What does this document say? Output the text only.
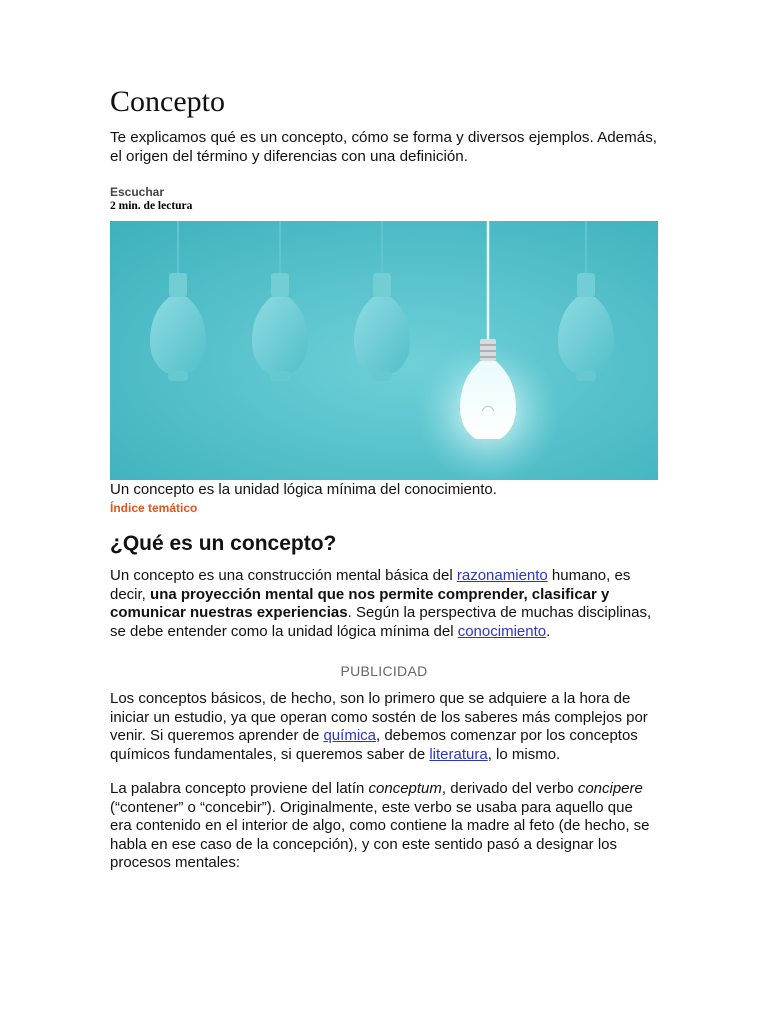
Concepto

Te explicamos qué es un concepto, cómo se forma y diversos ejemplos. Además, el origen del término y diferencias con una definición.

Escuchar
2 min. de lectura
Un concepto es la unidad lógica mínima del conocimiento.
Índice temático
¿Qué es un concepto?

Un concepto es una construcción mental básica del razonamiento humano, es decir, una proyección mental que nos permite comprender, clasificar y comunicar nuestras experiencias. Según la perspectiva de muchas disciplinas, se debe entender como la unidad lógica mínima del conocimiento.

PUBLICIDAD

Los conceptos básicos, de hecho, son lo primero que se adquiere a la hora de iniciar un estudio, ya que operan como sostén de los saberes más complejos por venir. Si queremos aprender de química, debemos comenzar por los conceptos químicos fundamentales, si queremos saber de literatura, lo mismo.

La palabra concepto proviene del latín conceptum, derivado del verbo concipere (“contener” o “concebir”). Originalmente, este verbo se usaba para aquello que era contenido en el interior de algo, como contiene la madre al feto (de hecho, se habla en ese caso de la concepción), y con este sentido pasó a designar los procesos mentales:
